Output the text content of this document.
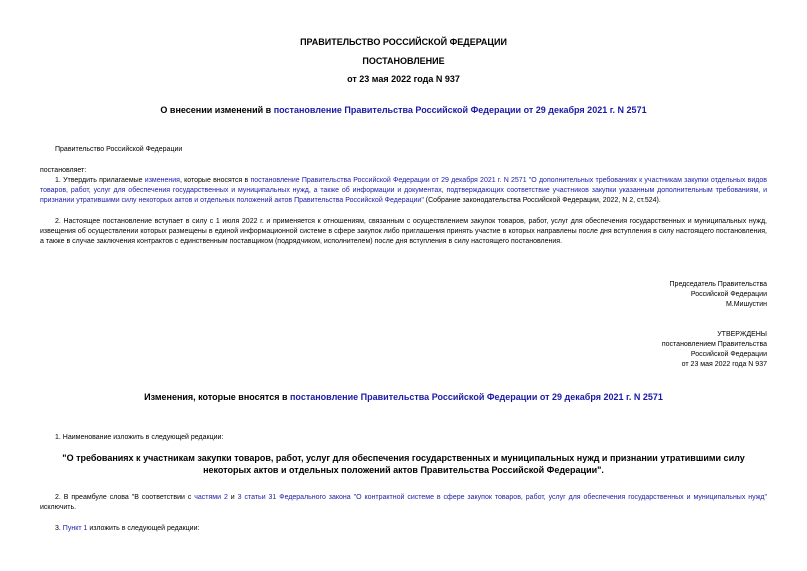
ПРАВИТЕЛЬСТВО РОССИЙСКОЙ ФЕДЕРАЦИИ
ПОСТАНОВЛЕНИЕ
от 23 мая 2022 года N 937
О внесении изменений в постановление Правительства Российской Федерации от 29 декабря 2021 г. N 2571
Правительство Российской Федерации
постановляет:
1. Утвердить прилагаемые изменения, которые вносятся в постановление Правительства Российской Федерации от 29 декабря 2021 г. N 2571 "О дополнительных требованиях к участникам закупки отдельных видов товаров, работ, услуг для обеспечения государственных и муниципальных нужд, а также об информации и документах, подтверждающих соответствие участников закупки указанным дополнительным требованиям, и признании утратившими силу некоторых актов и отдельных положений актов Правительства Российской Федерации" (Собрание законодательства Российской Федерации, 2022, N 2, ст.524).
2. Настоящее постановление вступает в силу с 1 июля 2022 г. и применяется к отношениям, связанным с осуществлением закупок товаров, работ, услуг для обеспечения государственных и муниципальных нужд, извещения об осуществлении которых размещены в единой информационной системе в сфере закупок либо приглашения принять участие в которых направлены после дня вступления в силу настоящего постановления, а также в случае заключения контрактов с единственным поставщиком (подрядчиком, исполнителем) после дня вступления в силу настоящего постановления.
Председатель Правительства
Российской Федерации
М.Мишустин
УТВЕРЖДЕНЫ
постановлением Правительства
Российской Федерации
от 23 мая 2022 года N 937
Изменения, которые вносятся в постановление Правительства Российской Федерации от 29 декабря 2021 г. N 2571
1. Наименование изложить в следующей редакции:
"О требованиях к участникам закупки товаров, работ, услуг для обеспечения государственных и муниципальных нужд и признании утратившими силу некоторых актов и отдельных положений актов Правительства Российской Федерации".
2. В преамбуле слова "В соответствии с частями 2 и 3 статьи 31 Федерального закона "О контрактной системе в сфере закупок товаров, работ, услуг для обеспечения государственных и муниципальных нужд" исключить.
3. Пункт 1 изложить в следующей редакции:
